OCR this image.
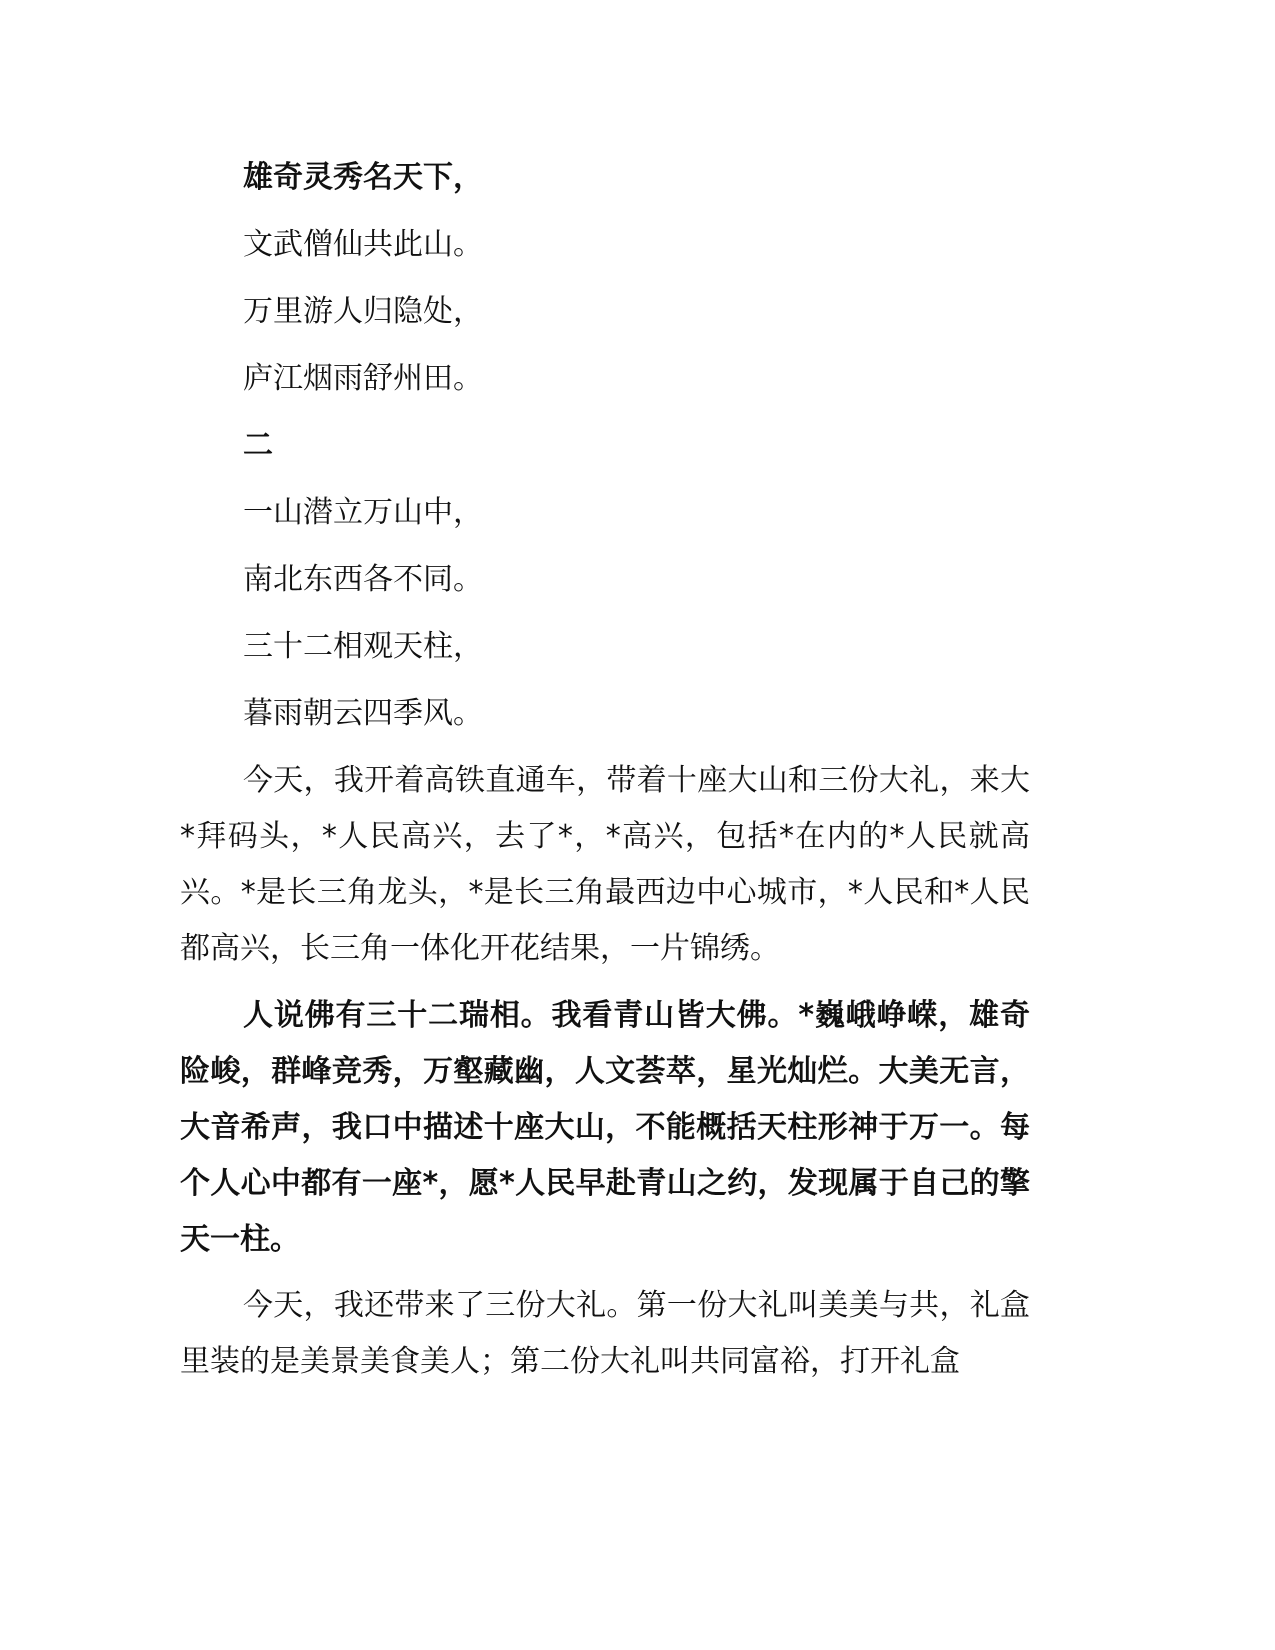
雄奇灵秀名天下，
文武僧仙共此山。
万里游人归隐处，
庐江烟雨舒州田。
二
一山潜立万山中，
南北东西各不同。
三十二相观天柱，
暮雨朝云四季风。
今天，我开着高铁直通车，带着十座大山和三份大礼，来大*拜码头，*人民高兴，去了*，*高兴，包括*在内的*人民就高兴。*是长三角龙头，*是长三角最西边中心城市，*人民和*人民都高兴，长三角一体化开花结果，一片锦绣。
人说佛有三十二瑞相。我看青山皆大佛。*巍峨峥嵘，雄奇险峻，群峰竞秀，万壑藏幽，人文荟萃，星光灿烂。大美无言，大音希声，我口中描述十座大山，不能概括天柱形神于万一。每个人心中都有一座*，愿*人民早赴青山之约，发现属于自己的擎天一柱。
今天，我还带来了三份大礼。第一份大礼叫美美与共，礼盒里装的是美景美食美人；第二份大礼叫共同富裕，打开礼盒
